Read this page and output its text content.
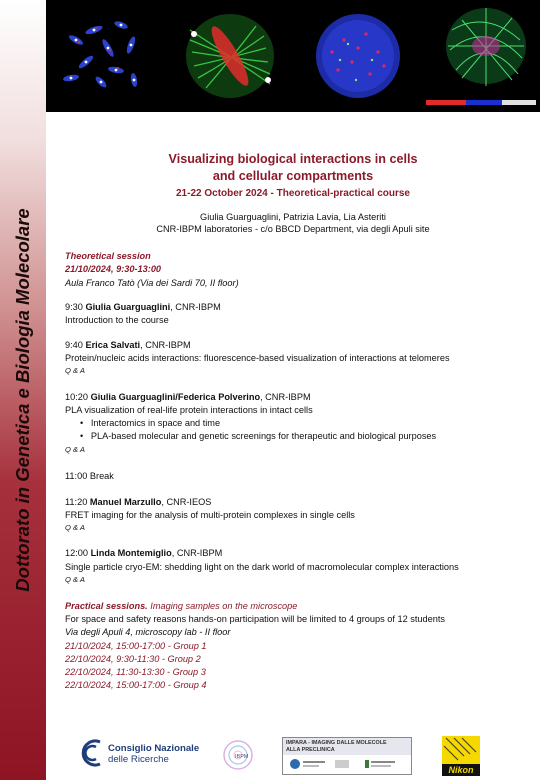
Dottorato in Genetica e Biologia Molecolare
Visualizing biological interactions in cells
and cellular compartments
21-22 October 2024 - Theoretical-practical course
Giulia Guarguaglini, Patrizia Lavia, Lia Asteriti
CNR-IBPM laboratories - c/o BBCD Department, via degli Apuli site
Theoretical session
21/10/2024, 9:30-13:00
Aula Franco Tatò (Via dei Sardi 70, II floor)
9:30 Giulia Guarguaglini, CNR-IBPM
Introduction to the course
9:40 Erica Salvati, CNR-IBPM
Protein/nucleic acids interactions: fluorescence-based visualization of interactions at telomeres
Q & A
10:20 Giulia Guarguaglini/Federica Polverino, CNR-IBPM
PLA visualization of real-life protein interactions in intact cells
•   Interactomics in space and time
•   PLA-based molecular and genetic screenings for therapeutic and biological purposes
Q & A
11:00 Break
11:20 Manuel Marzullo, CNR-IEOS
FRET imaging for the analysis of multi-protein complexes in single cells
Q & A
12:00 Linda Montemiglio, CNR-IBPM
Single particle cryo-EM: shedding light on the dark world of macromolecular complex interactions
Q & A
Practical sessions. Imaging samples on the microscope
For space and safety reasons hands-on participation will be limited to 4 groups of 12 students
Via degli Apuli 4, microscopy lab - II floor
21/10/2024, 15:00-17:00 - Group 1
22/10/2024, 9:30-11:30 - Group 2
22/10/2024, 11:30-13:30 - Group 3
22/10/2024, 15:00-17:00 - Group 4
Consiglio Nazionale
delle Ricerche	IBPM
IMPARA - IMAGING DALLE MOLECOLE
ALLA PRECLINICA
Nikon
